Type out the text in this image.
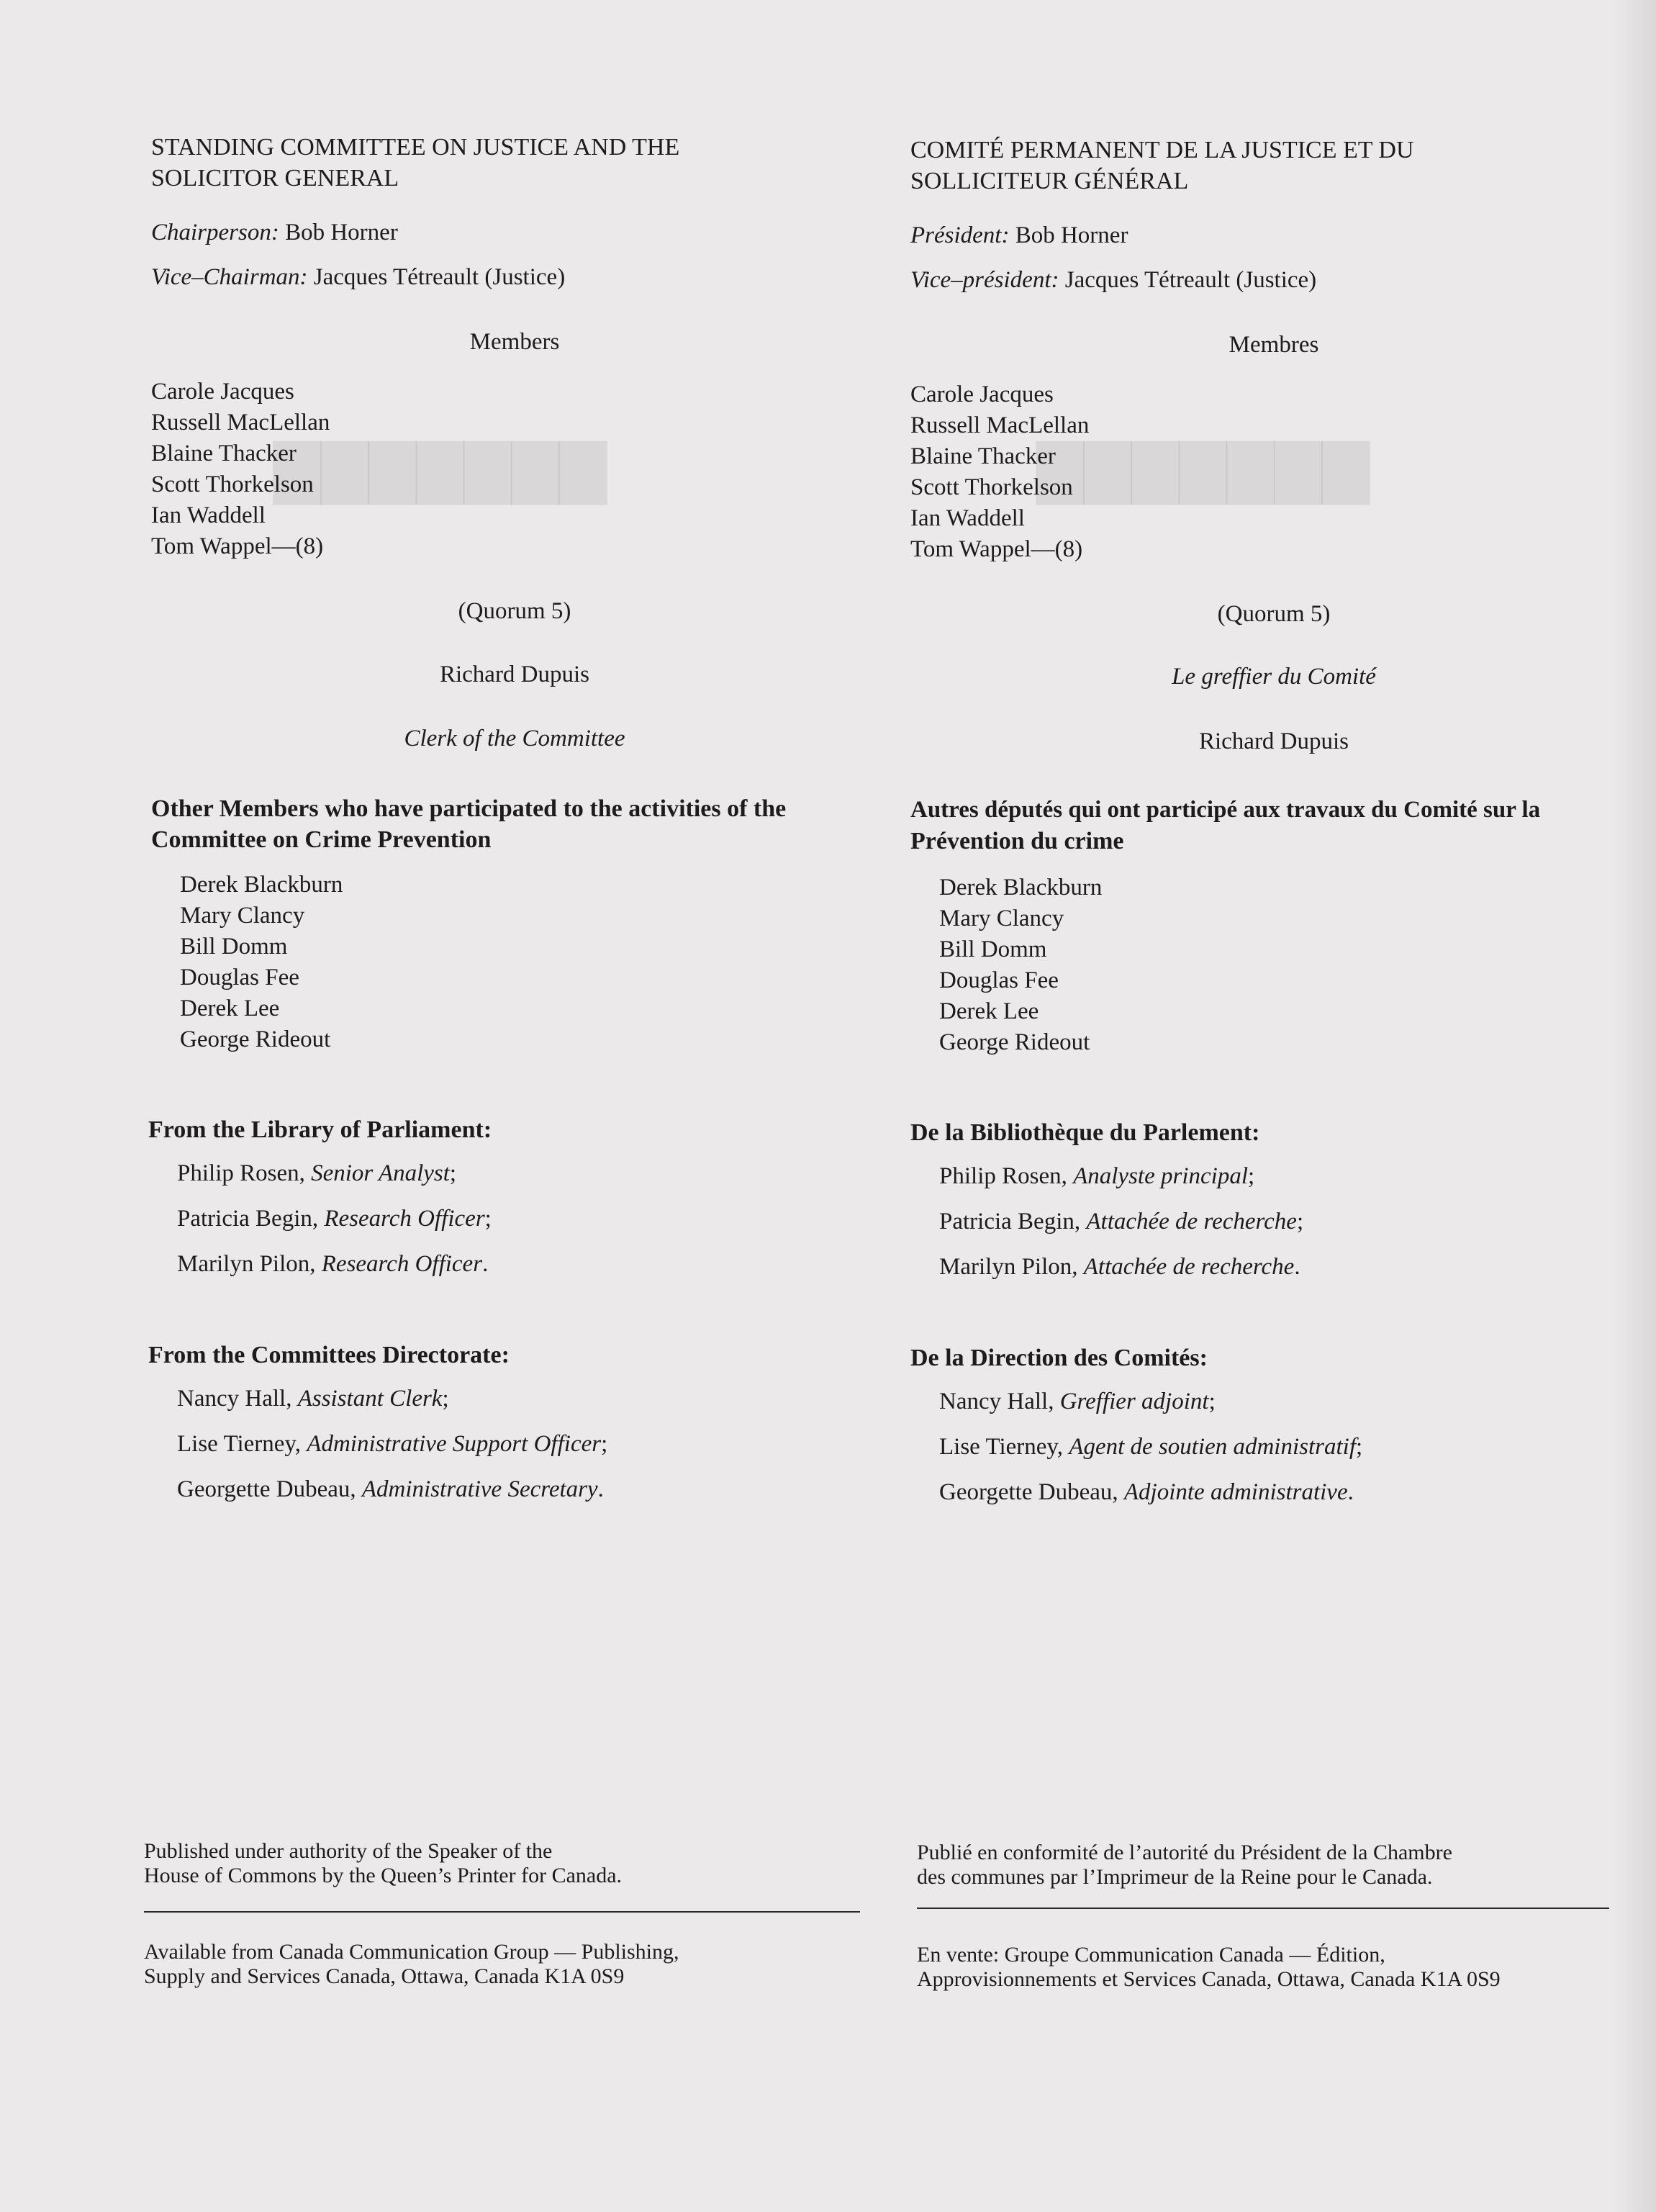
▇▇▇▇▇▇▇
▇▇▇▇▇▇▇
STANDING COMMITTEE ON JUSTICE AND THE
SOLICITOR GENERAL
Chairperson: Bob Horner
Vice–Chairman: Jacques Tétreault (Justice)
Members
Carole Jacques
Russell MacLellan
Blaine Thacker
Scott Thorkelson
Ian Waddell
Tom Wappel—(8)
(Quorum 5)
Richard Dupuis
Clerk of the Committee
Other Members who have participated to the activities of the
Committee on Crime Prevention
Derek Blackburn
Mary Clancy
Bill Domm
Douglas Fee
Derek Lee
George Rideout
From the Library of Parliament:
Philip Rosen, Senior Analyst;
Patricia Begin, Research Officer;
Marilyn Pilon, Research Officer.
From the Committees Directorate:
Nancy Hall, Assistant Clerk;
Lise Tierney, Administrative Support Officer;
Georgette Dubeau, Administrative Secretary.
COMITÉ PERMANENT DE LA JUSTICE ET DU
SOLLICITEUR GÉNÉRAL
Président: Bob Horner
Vice–président: Jacques Tétreault (Justice)
Membres
Carole Jacques
Russell MacLellan
Blaine Thacker
Scott Thorkelson
Ian Waddell
Tom Wappel—(8)
(Quorum 5)
Le greffier du Comité
Richard Dupuis
Autres députés qui ont participé aux travaux du Comité sur la
Prévention du crime
Derek Blackburn
Mary Clancy
Bill Domm
Douglas Fee
Derek Lee
George Rideout
De la Bibliothèque du Parlement:
Philip Rosen, Analyste principal;
Patricia Begin, Attachée de recherche;
Marilyn Pilon, Attachée de recherche.
De la Direction des Comités:
Nancy Hall, Greffier adjoint;
Lise Tierney, Agent de soutien administratif;
Georgette Dubeau, Adjointe administrative.
Published under authority of the Speaker of the
House of Commons by the Queen’s Printer for Canada.
Available from Canada Communication Group — Publishing,
Supply and Services Canada, Ottawa, Canada K1A 0S9
Publié en conformité de l’autorité du Président de la Chambre
des communes par l’Imprimeur de la Reine pour le Canada.
En vente: Groupe Communication Canada — Édition,
Approvisionnements et Services Canada, Ottawa, Canada K1A 0S9
